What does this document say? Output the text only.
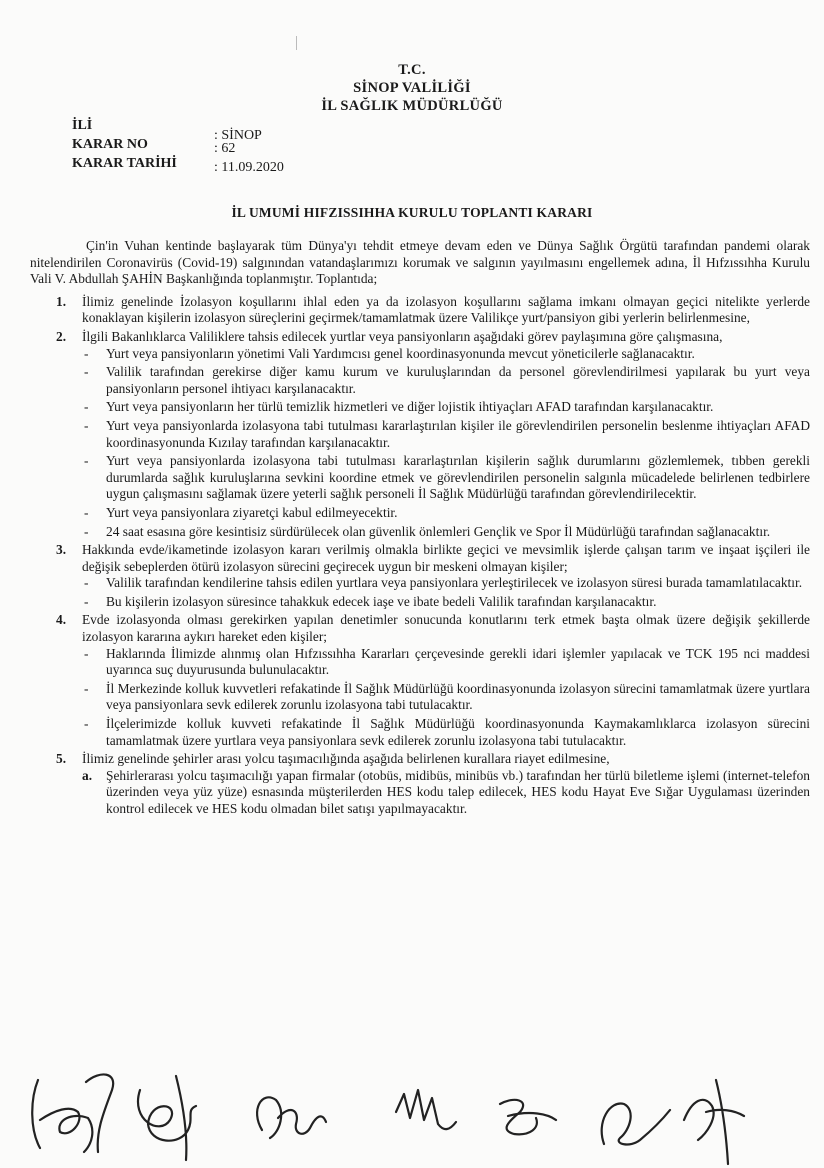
T.C.
SİNOP VALİLİĞİ
İL SAĞLIK MÜDÜRLÜĞÜ
İLİ
: SİNOP
KARAR NO	: 62
KARAR TARİHİ	: 11.09.2020
İL UMUMİ HIFZISSIHHA KURULU TOPLANTI KARARI

Çin'in Vuhan kentinde başlayarak tüm Dünya'yı tehdit etmeye devam eden ve Dünya Sağlık Örgütü tarafından pandemi olarak nitelendirilen Coronavirüs (Covid-19) salgınından vatandaşlarımızı korumak ve salgının yayılmasını engellemek adına, İl Hıfzıssıhha Kurulu Vali V. Abdullah ŞAHİN Başkanlığında toplanmıştır. Toplantıda;

1. İlimiz genelinde İzolasyon koşullarını ihlal eden ya da izolasyon koşullarını sağlama imkanı olmayan geçici nitelikte yerlerde konaklayan kişilerin izolasyon süreçlerini geçirmek/tamamlatmak üzere Valilikçe yurt/pansiyon gibi yerlerin belirlenmesine,
2. İlgili Bakanlıklarca Valiliklere tahsis edilecek yurtlar veya pansiyonların aşağıdaki görev paylaşımına göre çalışmasına,
- Yurt veya pansiyonların yönetimi Vali Yardımcısı genel koordinasyonunda mevcut yöneticilerle sağlanacaktır.
- Valilik tarafından gerekirse diğer kamu kurum ve kuruluşlarından da personel görevlendirilmesi yapılarak bu yurt veya pansiyonların personel ihtiyacı karşılanacaktır.
- Yurt veya pansiyonların her türlü temizlik hizmetleri ve diğer lojistik ihtiyaçları AFAD tarafından karşılanacaktır.
- Yurt veya pansiyonlarda izolasyona tabi tutulması kararlaştırılan kişiler ile görevlendirilen personelin beslenme ihtiyaçları AFAD koordinasyonunda Kızılay tarafından karşılanacaktır.
- Yurt veya pansiyonlarda izolasyona tabi tutulması kararlaştırılan kişilerin sağlık durumlarını gözlemlemek, tıbben gerekli durumlarda sağlık kuruluşlarına sevkini koordine etmek ve görevlendirilen personelin salgınla mücadelede belirlenen tedbirlere uygun çalışmasını sağlamak üzere yeterli sağlık personeli İl Sağlık Müdürlüğü tarafından görevlendirilecektir.
- Yurt veya pansiyonlara ziyaretçi kabul edilmeyecektir.
- 24 saat esasına göre kesintisiz sürdürülecek olan güvenlik önlemleri Gençlik ve Spor İl Müdürlüğü tarafından sağlanacaktır.
3. Hakkında evde/ikametinde izolasyon kararı verilmiş olmakla birlikte geçici ve mevsimlik işlerde çalışan tarım ve inşaat işçileri ile değişik sebeplerden ötürü izolasyon sürecini geçirecek uygun bir meskeni olmayan kişiler;
- Valilik tarafından kendilerine tahsis edilen yurtlara veya pansiyonlara yerleştirilecek ve izolasyon süresi burada tamamlatılacaktır.
- Bu kişilerin izolasyon süresince tahakkuk edecek iaşe ve ibate bedeli Valilik tarafından karşılanacaktır.
4. Evde izolasyonda olması gerekirken yapılan denetimler sonucunda konutlarını terk etmek başta olmak üzere değişik şekillerde izolasyon kararına aykırı hareket eden kişiler;
- Haklarında İlimizde alınmış olan Hıfzıssıhha Kararları çerçevesinde gerekli idari işlemler yapılacak ve TCK 195 nci maddesi uyarınca suç duyurusunda bulunulacaktır.
- İl Merkezinde kolluk kuvvetleri refakatinde İl Sağlık Müdürlüğü koordinasyonunda izolasyon sürecini tamamlatmak üzere yurtlara veya pansiyonlara sevk edilerek zorunlu izolasyona tabi tutulacaktır.
- İlçelerimizde kolluk kuvveti refakatinde İl Sağlık Müdürlüğü koordinasyonunda Kaymakamlıklarca izolasyon sürecini tamamlatmak üzere yurtlara veya pansiyonlara sevk edilerek zorunlu izolasyona tabi tutulacaktır.
5. İlimiz genelinde şehirler arası yolcu taşımacılığında aşağıda belirlenen kurallara riayet edilmesine,
a. Şehirlerarası yolcu taşımacılığı yapan firmalar (otobüs, midibüs, minibüs vb.) tarafından her türlü biletleme işlemi (internet-telefon üzerinden veya yüz yüze) esnasında müşterilerden HES kodu talep edilecek, HES kodu Hayat Eve Sığar Uygulaması üzerinden kontrol edilecek ve HES kodu olmadan bilet satışı yapılmayacaktır.
